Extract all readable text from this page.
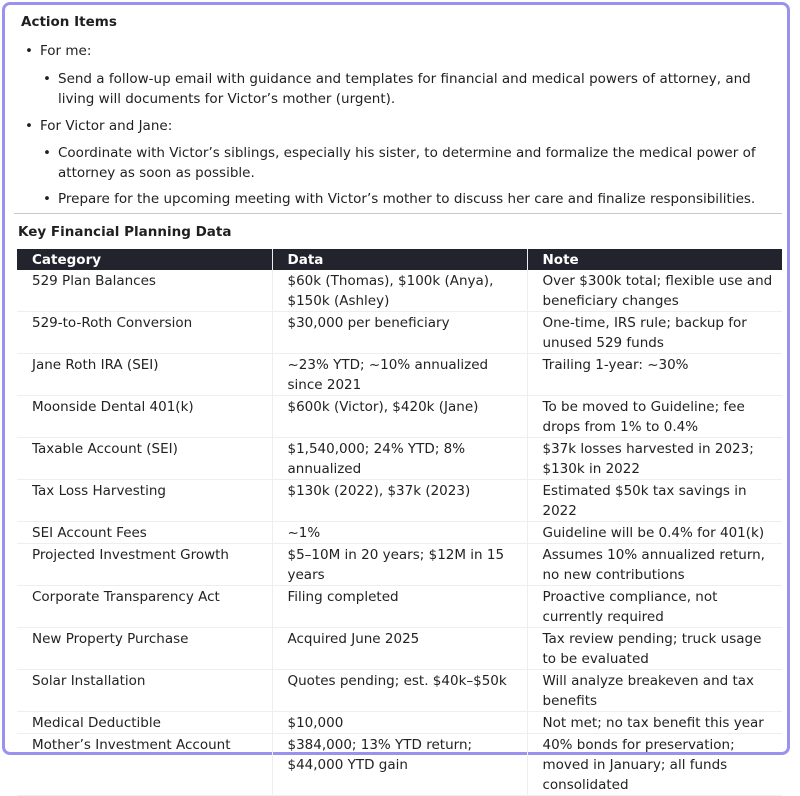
Action Items
• For me:
• Send a follow-up email with guidance and templates for financial and medical powers of attorney, and living will documents for Victor’s mother (urgent).
• For Victor and Jane:
• Coordinate with Victor’s siblings, especially his sister, to determine and formalize the medical power of attorney as soon as possible.
• Prepare for the upcoming meeting with Victor’s mother to discuss her care and finalize responsibilities.
Key Financial Planning Data
Category	Data	Note
529 Plan Balances	$60k (Thomas), $100k (Anya), $150k (Ashley)	Over $300k total; flexible use and beneficiary changes
529-to-Roth Conversion	$30,000 per beneficiary	One-time, IRS rule; backup for unused 529 funds
Jane Roth IRA (SEI)	~23% YTD; ~10% annualized since 2021	Trailing 1-year: ~30%
Moonside Dental 401(k)	$600k (Victor), $420k (Jane)	To be moved to Guideline; fee drops from 1% to 0.4%
Taxable Account (SEI)	$1,540,000; 24% YTD; 8% annualized	$37k losses harvested in 2023; $130k in 2022
Tax Loss Harvesting	$130k (2022), $37k (2023)	Estimated $50k tax savings in 2022
SEI Account Fees	~1%	Guideline will be 0.4% for 401(k)
Projected Investment Growth	$5–10M in 20 years; $12M in 15 years	Assumes 10% annualized return, no new contributions
Corporate Transparency Act	Filing completed	Proactive compliance, not currently required
New Property Purchase	Acquired June 2025	Tax review pending; truck usage to be evaluated
Solar Installation	Quotes pending; est. $40k–$50k	Will analyze breakeven and tax benefits
Medical Deductible	$10,000	Not met; no tax benefit this year
Mother’s Investment Account	$384,000; 13% YTD return; $44,000 YTD gain	40% bonds for preservation; moved in January; all funds consolidated
